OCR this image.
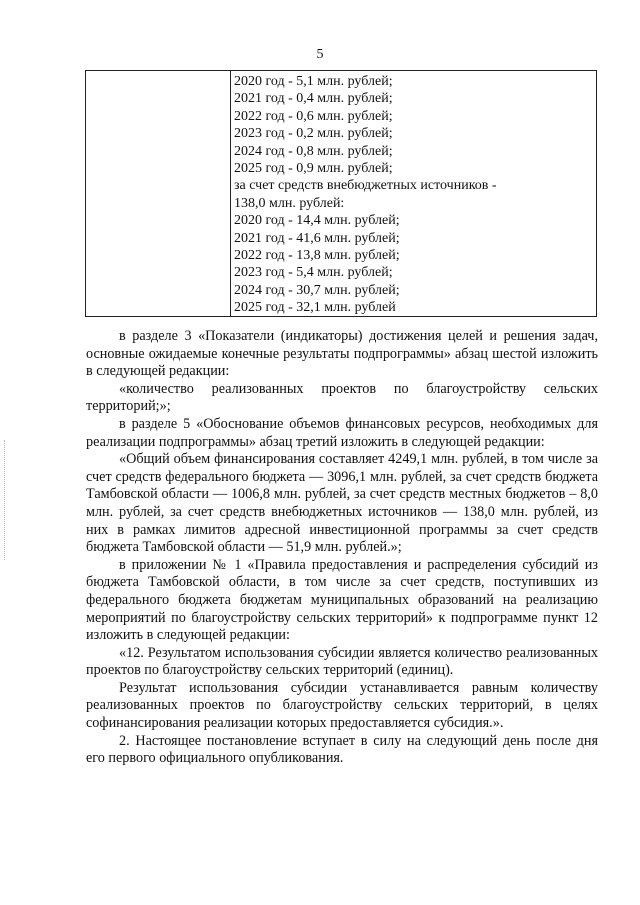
5
2020 год - 5,1 млн. рублей;
2021 год - 0,4 млн. рублей;
2022 год - 0,6 млн. рублей;
2023 год - 0,2 млн. рублей;
2024 год - 0,8 млн. рублей;
2025 год - 0,9 млн. рублей;
за счет средств внебюджетных источников -
138,0 млн. рублей:
2020 год - 14,4 млн. рублей;
2021 год - 41,6 млн. рублей;
2022 год - 13,8 млн. рублей;
2023 год - 5,4 млн. рублей;
2024 год - 30,7 млн. рублей;
2025 год - 32,1 млн. рублей

в разделе 3 «Показатели (индикаторы) достижения целей и решения задач, основные ожидаемые конечные результаты подпрограммы» абзац шестой изложить в следующей редакции:

«количество реализованных проектов по благоустройству сельских территорий;»;

в разделе 5 «Обоснование объемов финансовых ресурсов, необходимых для реализации подпрограммы» абзац третий изложить в следующей редакции:

«Общий объем финансирования составляет 4249,1 млн. рублей, в том числе за счет средств федерального бюджета — 3096,1 млн. рублей, за счет средств бюджета Тамбовской области — 1006,8 млн. рублей, за счет средств местных бюджетов – 8,0 млн. рублей, за счет средств внебюджетных источников — 138,0 млн. рублей, из них в рамках лимитов адресной инвестиционной программы за счет средств бюджета Тамбовской области — 51,9 млн. рублей.»;

в приложении № 1 «Правила предоставления и распределения субсидий из бюджета Тамбовской области, в том числе за счет средств, поступивших из федерального бюджета бюджетам муниципальных образований на реализацию мероприятий по благоустройству сельских территорий» к подпрограмме пункт 12 изложить в следующей редакции:

«12. Результатом использования субсидии является количество реализованных проектов по благоустройству сельских территорий (единиц).

Результат использования субсидии устанавливается равным количеству реализованных проектов по благоустройству сельских территорий, в целях софинансирования реализации которых предоставляется субсидия.».

2. Настоящее постановление вступает в силу на следующий день после дня его первого официального опубликования.
